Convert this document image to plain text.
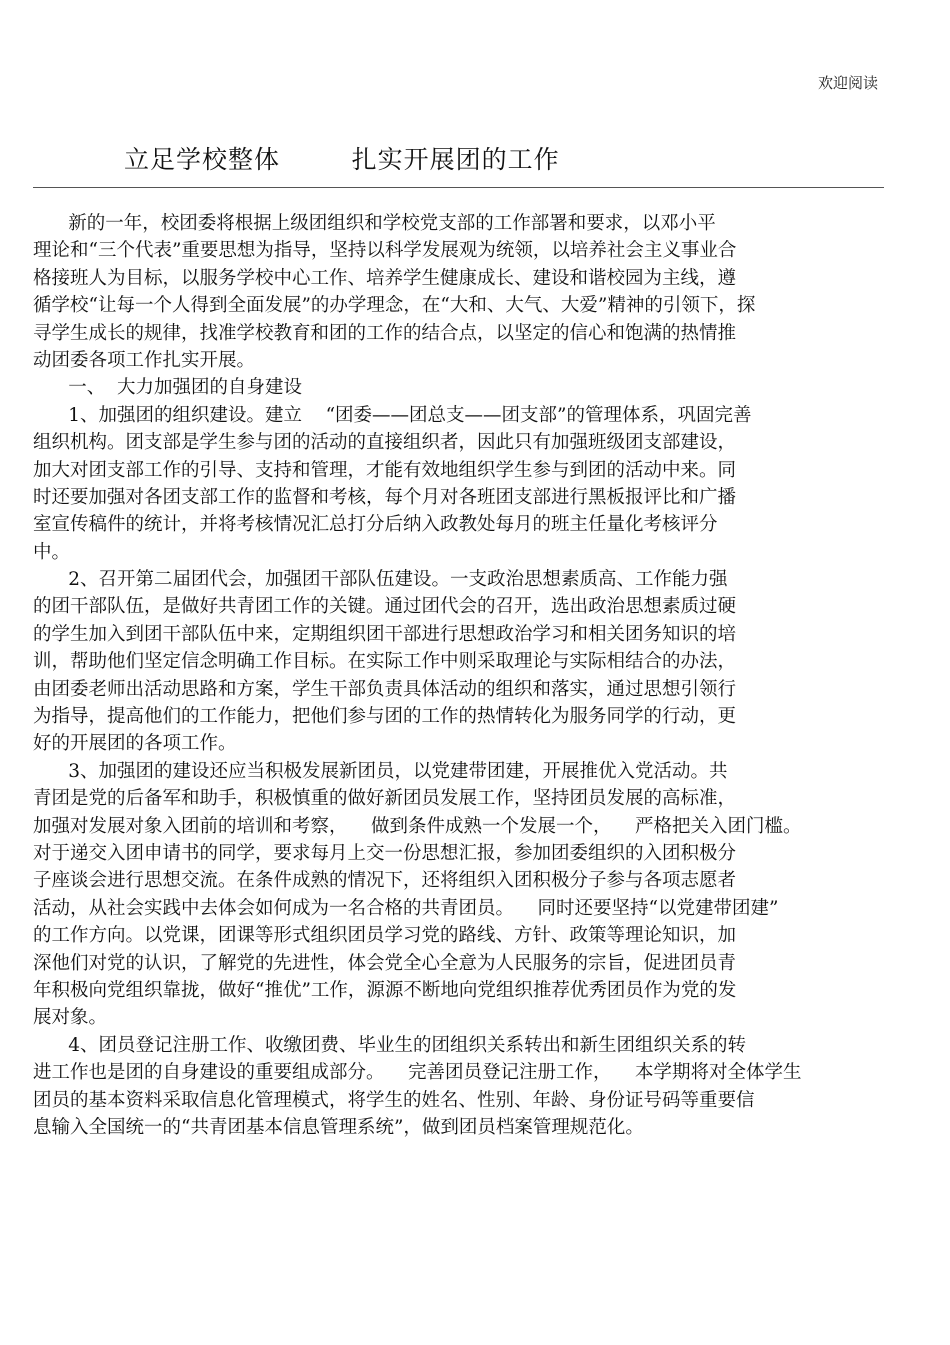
欢迎阅读
立足学校整体        扎实开展团的工作
新的一年，校团委将根据上级团组织和学校党支部的工作部署和要求，以邓小平
理论和“三个代表”重要思想为指导，坚持以科学发展观为统领，以培养社会主义事业合
格接班人为目标，以服务学校中心工作、培养学生健康成长、建设和谐校园为主线，遵
循学校“让每一个人得到全面发展”的办学理念，在“大和、大气、大爱”精神的引领下，探
寻学生成长的规律，找准学校教育和团的工作的结合点，以坚定的信心和饱满的热情推
动团委各项工作扎实开展。
一、  大力加强团的自身建设
1、加强团的组织建设。建立    “团委——团总支——团支部”的管理体系，巩固完善
组织机构。团支部是学生参与团的活动的直接组织者，因此只有加强班级团支部建设，
加大对团支部工作的引导、支持和管理，才能有效地组织学生参与到团的活动中来。同
时还要加强对各团支部工作的监督和考核，每个月对各班团支部进行黑板报评比和广播
室宣传稿件的统计，并将考核情况汇总打分后纳入政教处每月的班主任量化考核评分
中。
2、召开第二届团代会，加强团干部队伍建设。一支政治思想素质高、工作能力强
的团干部队伍，是做好共青团工作的关键。通过团代会的召开，选出政治思想素质过硬
的学生加入到团干部队伍中来，定期组织团干部进行思想政治学习和相关团务知识的培
训，帮助他们坚定信念明确工作目标。在实际工作中则采取理论与实际相结合的办法，
由团委老师出活动思路和方案，学生干部负责具体活动的组织和落实，通过思想引领行
为指导，提高他们的工作能力，把他们参与团的工作的热情转化为服务同学的行动，更
好的开展团的各项工作。
3、加强团的建设还应当积极发展新团员，以党建带团建，开展推优入党活动。共
青团是党的后备军和助手，积极慎重的做好新团员发展工作，坚持团员发展的高标准，
加强对发展对象入团前的培训和考察，    做到条件成熟一个发展一个，    严格把关入团门槛。
对于递交入团申请书的同学，要求每月上交一份思想汇报，参加团委组织的入团积极分
子座谈会进行思想交流。在条件成熟的情况下，还将组织入团积极分子参与各项志愿者
活动，从社会实践中去体会如何成为一名合格的共青团员。    同时还要坚持“以党建带团建”
的工作方向。以党课，团课等形式组织团员学习党的路线、方针、政策等理论知识，加
深他们对党的认识，了解党的先进性，体会党全心全意为人民服务的宗旨，促进团员青
年积极向党组织靠拢，做好“推优”工作，源源不断地向党组织推荐优秀团员作为党的发
展对象。
4、团员登记注册工作、收缴团费、毕业生的团组织关系转出和新生团组织关系的转
进工作也是团的自身建设的重要组成部分。    完善团员登记注册工作，    本学期将对全体学生
团员的基本资料采取信息化管理模式，将学生的姓名、性别、年龄、身份证号码等重要信
息输入全国统一的“共青团基本信息管理系统”，做到团员档案管理规范化。
